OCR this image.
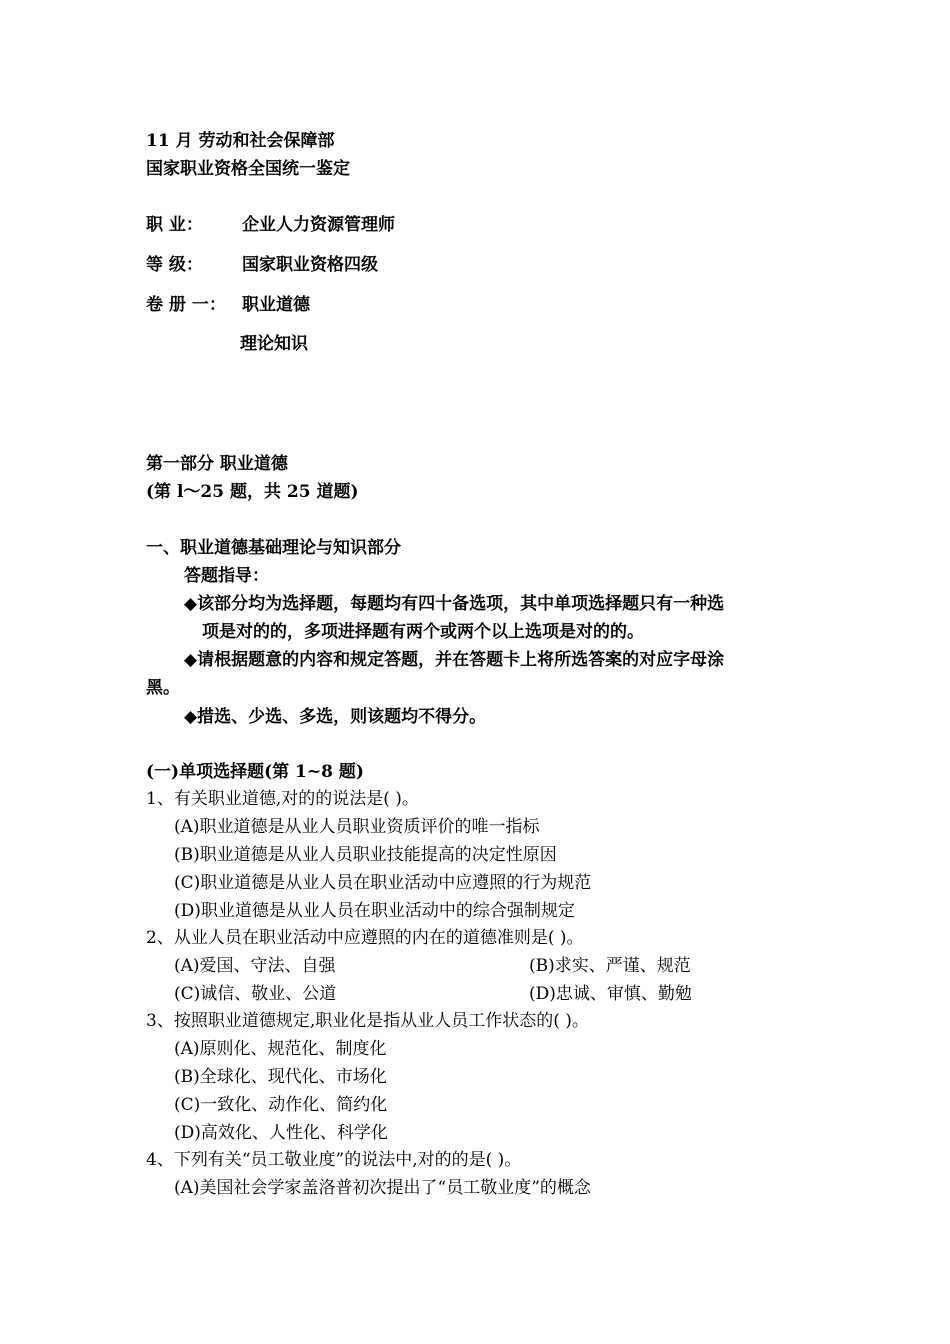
11 月 劳动和社会保障部
国家职业资格全国统一鉴定
职 业： 企业人力资源管理师
等 级： 国家职业资格四级
卷 册 一： 职业道德
理论知识
第一部分 职业道德
(第 l～25 题，共 25 道题)
一、职业道德基础理论与知识部分
答题指导：
◆该部分均为选择题，每题均有四十备选项，其中单项选择题只有一种选
项是对的的，多项进择题有两个或两个以上选项是对的的。
◆请根据题意的内容和规定答题，并在答题卡上将所选答案的对应字母涂
黑。
◆措选、少选、多选，则该题均不得分。
(一)单项选择题(第 1~8 题)
1、有关职业道德,对的的说法是( )。
(A)职业道德是从业人员职业资质评价的唯一指标
(B)职业道德是从业人员职业技能提高的决定性原因
(C)职业道德是从业人员在职业活动中应遵照的行为规范
(D)职业道德是从业人员在职业活动中的综合强制规定
2、从业人员在职业活动中应遵照的内在的道德准则是( )。
(A)爱国、守法、自强	(B)求实、严谨、规范
(C)诚信、敬业、公道	(D)忠诚、审慎、勤勉
3、按照职业道德规定,职业化是指从业人员工作状态的( )。
(A)原则化、规范化、制度化
(B)全球化、现代化、市场化
(C)一致化、动作化、简约化
(D)高效化、人性化、科学化
4、下列有关“员工敬业度”的说法中,对的的是( )。
(A)美国社会学家盖洛普初次提出了“员工敬业度”的概念
